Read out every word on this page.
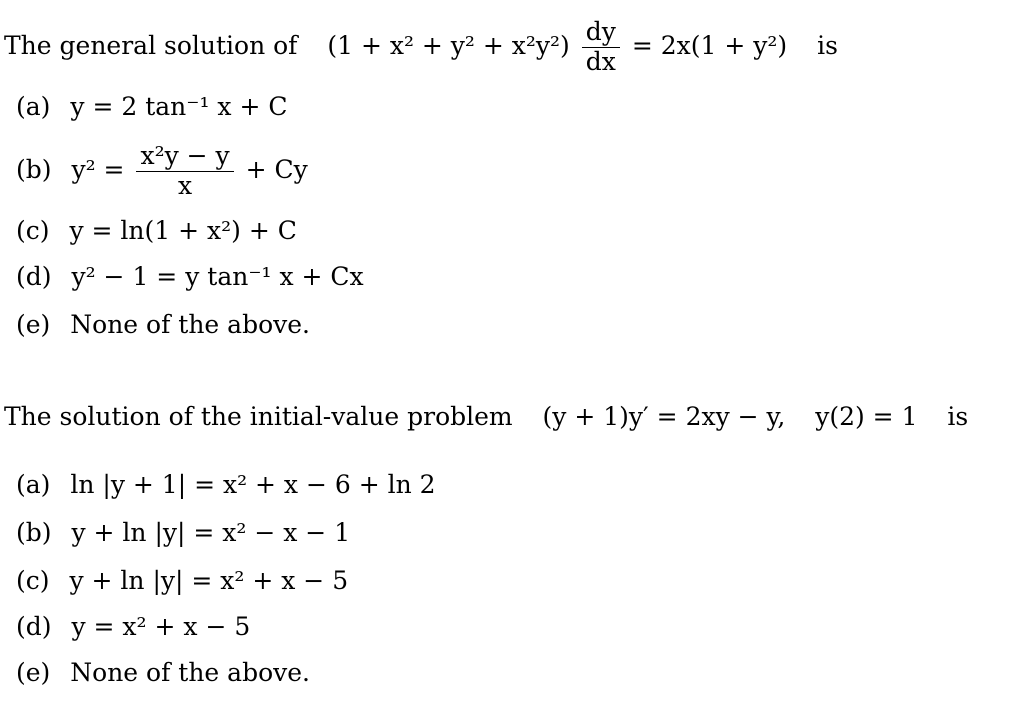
The general solution of $(1 + x^2 + y^2 + x^2y^2) \frac{dy}{dx} = 2x(1 + y^2)$ is
(a) y = 2 tan⁻¹ x + C
(b) $y^2 = \frac{\text{x²y − y}}{x} + Cy$
(c) y = ln(1 + x²) + C
(d) y² − 1 = y tan⁻¹ x + Cx
(e) None of the above.
The solution of the initial-value problem (y + 1)y′ = 2xy − y, y(2) = 1 is
(a) ln |y + 1| = x² + x − 6 + ln 2
(b) y + ln |y| = x² − x − 1
(c) y + ln |y| = x² + x − 5
(d) y = x² + x − 5
(e) None of the above.
